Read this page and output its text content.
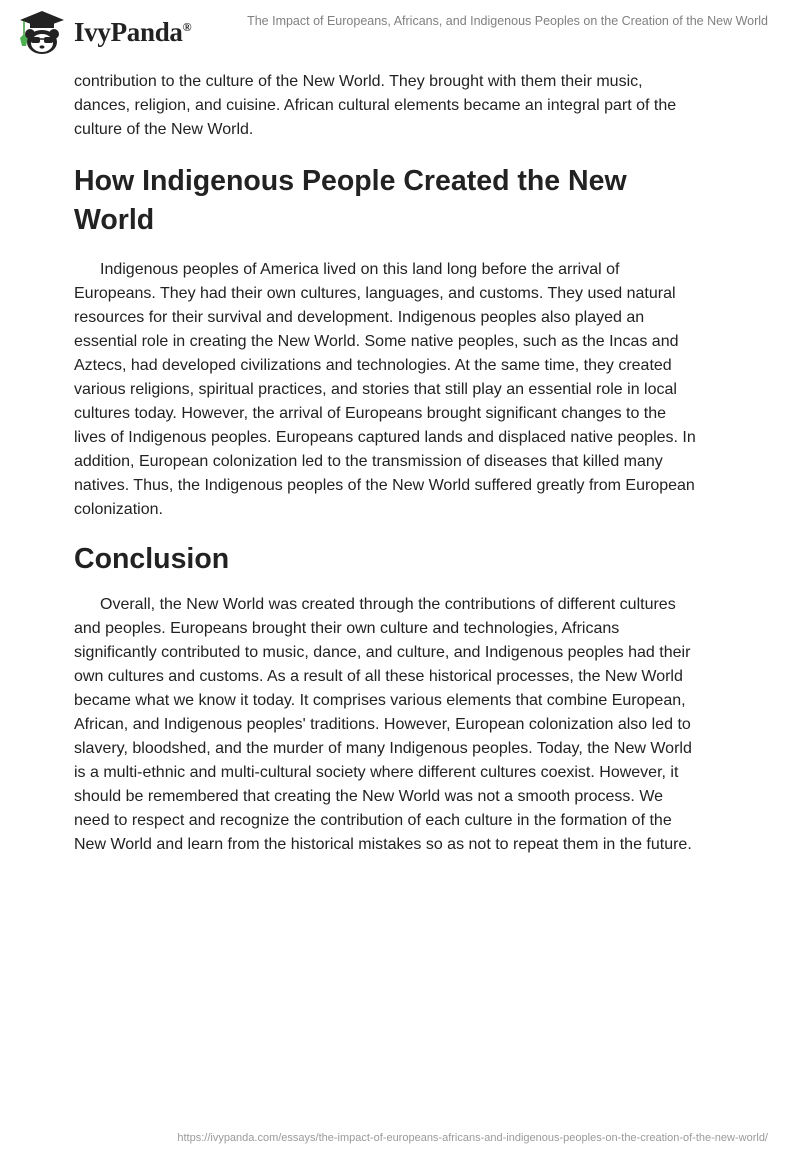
IvyPanda®	The Impact of Europeans, Africans, and Indigenous Peoples on the Creation of the New World
contribution to the culture of the New World. They brought with them their music,
dances, religion, and cuisine. African cultural elements became an integral part of the
culture of the New World.
How Indigenous People Created the New
World
Indigenous peoples of America lived on this land long before the arrival of
Europeans. They had their own cultures, languages, and customs. They used natural
resources for their survival and development. Indigenous peoples also played an
essential role in creating the New World. Some native peoples, such as the Incas and
Aztecs, had developed civilizations and technologies. At the same time, they created
various religions, spiritual practices, and stories that still play an essential role in local
cultures today. However, the arrival of Europeans brought significant changes to the
lives of Indigenous peoples. Europeans captured lands and displaced native peoples. In
addition, European colonization led to the transmission of diseases that killed many
natives. Thus, the Indigenous peoples of the New World suffered greatly from European
colonization.
Conclusion
Overall, the New World was created through the contributions of different cultures
and peoples. Europeans brought their own culture and technologies, Africans
significantly contributed to music, dance, and culture, and Indigenous peoples had their
own cultures and customs. As a result of all these historical processes, the New World
became what we know it today. It comprises various elements that combine European,
African, and Indigenous peoples' traditions. However, European colonization also led to
slavery, bloodshed, and the murder of many Indigenous peoples. Today, the New World
is a multi-ethnic and multi-cultural society where different cultures coexist. However, it
should be remembered that creating the New World was not a smooth process. We
need to respect and recognize the contribution of each culture in the formation of the
New World and learn from the historical mistakes so as not to repeat them in the future.
https://ivypanda.com/essays/the-impact-of-europeans-africans-and-indigenous-peoples-on-the-creation-of-the-new-world/
